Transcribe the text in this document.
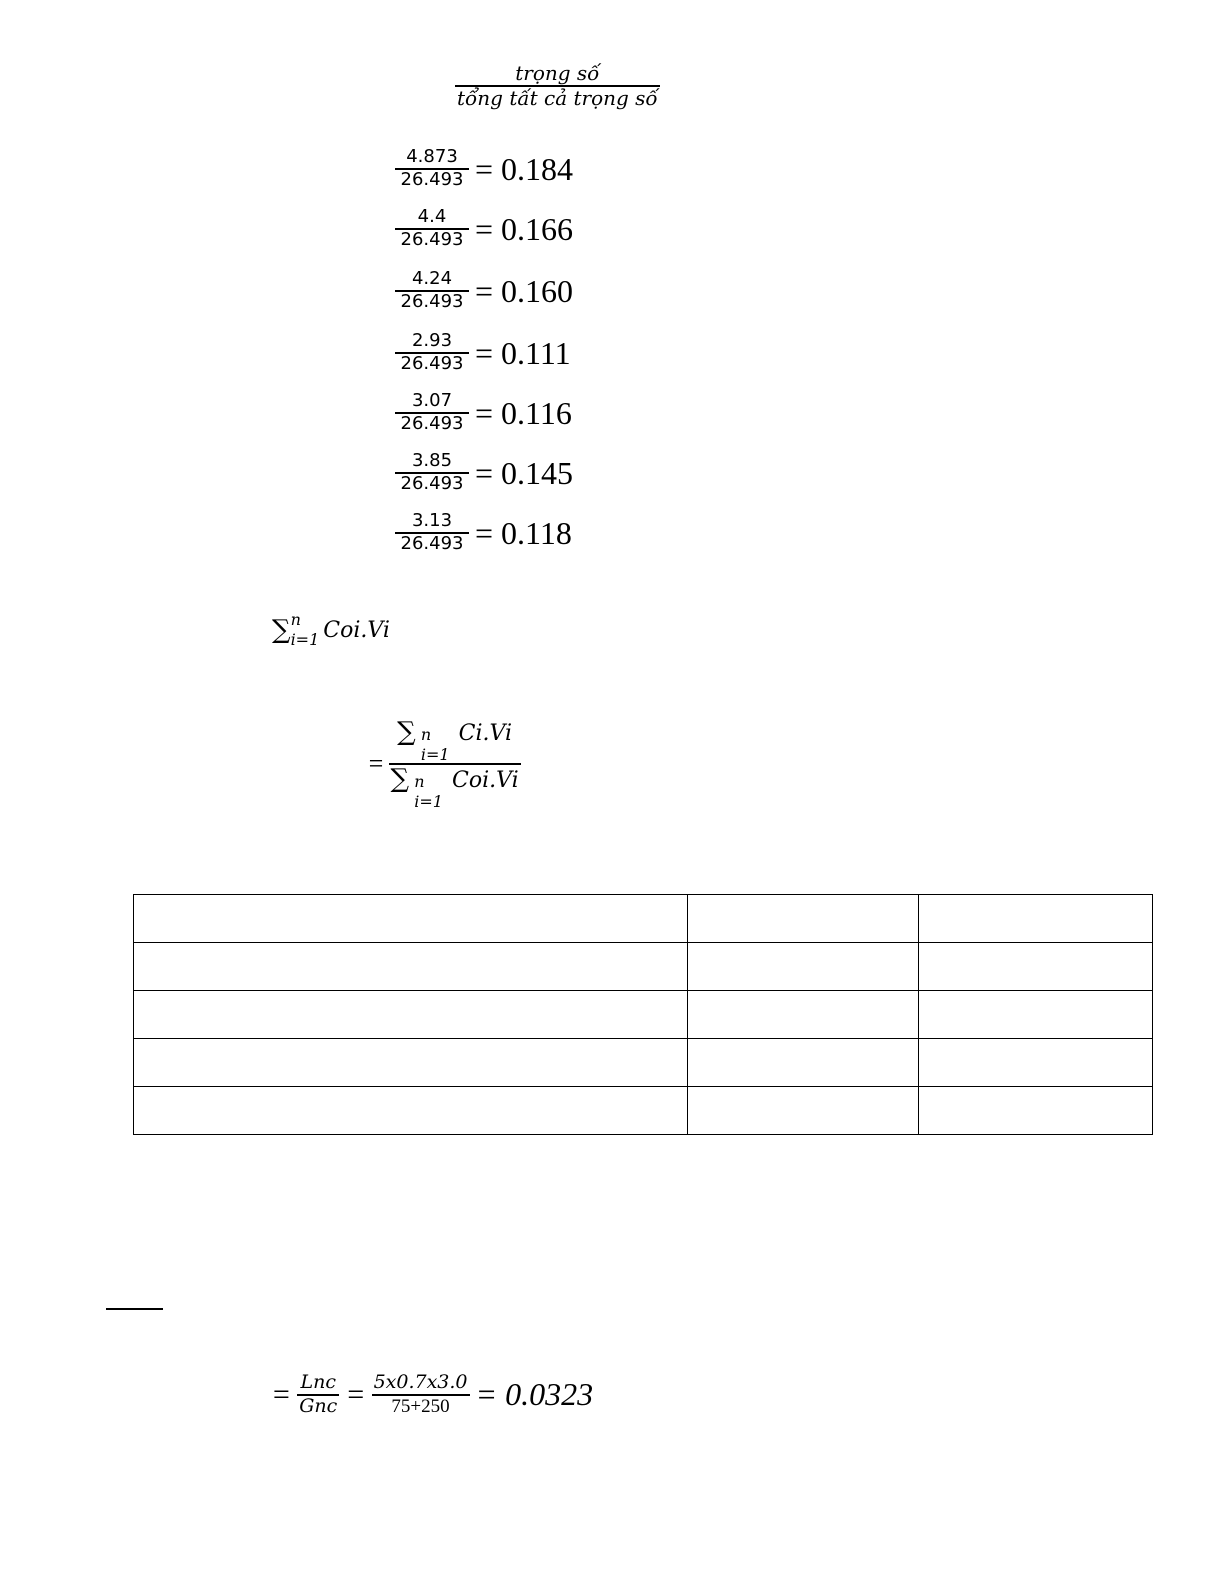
trọng số
tổng tất cả trọng số
$\frac{4.873}{26.493} = 0.184$
$\frac{4.4}{26.493} = 0.166$
$\frac{4.24}{26.493} = 0.160$
$\frac{2.93}{26.493} = 0.111$
$\frac{3.07}{26.493} = 0.116$
$\frac{3.85}{26.493} = 0.145$
$\frac{3.13}{26.493} = 0.118$
∑ n
i=1 Coi.Vi
= ∑ n
i=1
Ci.Vi
∑ n
i=1
Coi.Vi

= $\frac{\text{Lnc}}{\text{Gnc}} = \frac{5x0.7x3.0}{75+250} = 0.0323$
